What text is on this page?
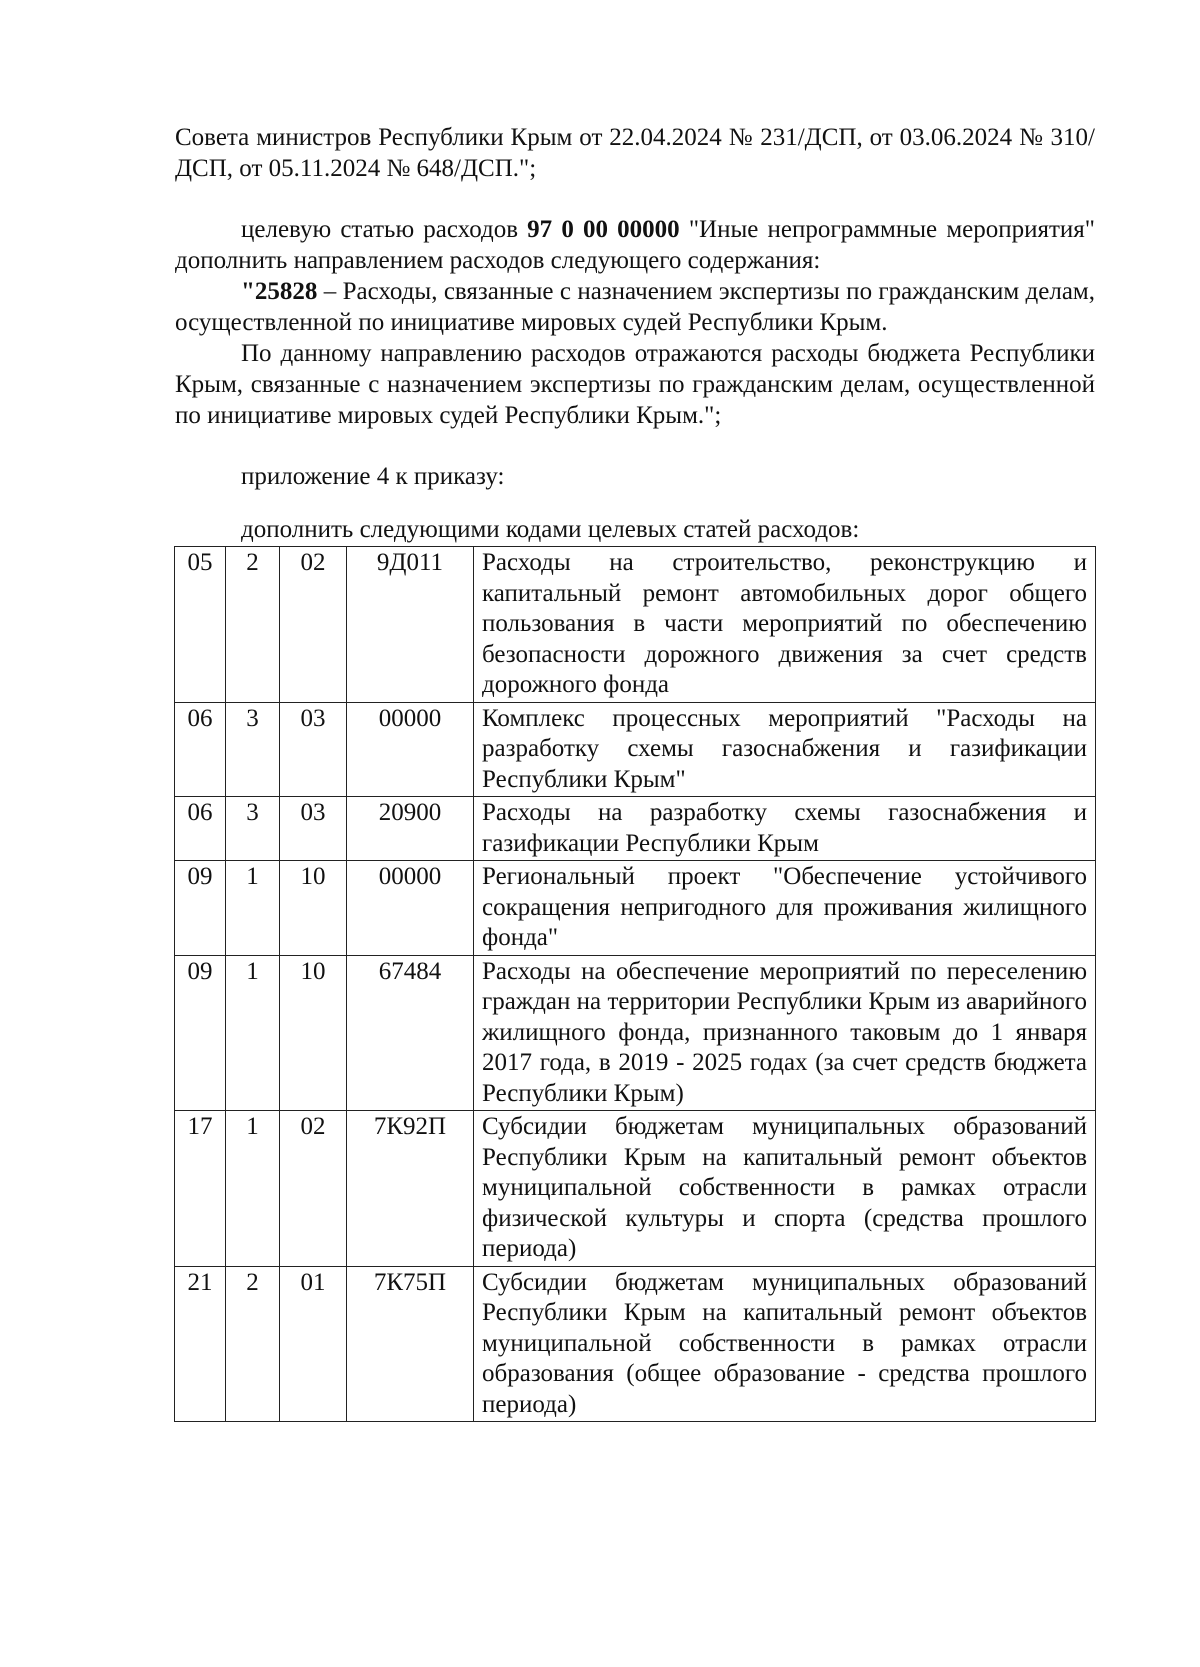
Совета министров Республики Крым от 22.04.2024 № 231/ДСП, от 03.06.2024 № 310/ДСП, от 05.11.2024 № 648/ДСП.";

целевую статью расходов 97 0 00 00000 "Иные непрограммные мероприятия" дополнить направлением расходов следующего содержания:

"25828 – Расходы, связанные с назначением экспертизы по гражданским делам, осуществленной по инициативе мировых судей Республики Крым.

По данному направлению расходов отражаются расходы бюджета Республики Крым, связанные с назначением экспертизы по гражданским делам, осуществленной по инициативе мировых судей Республики Крым.";

приложение 4 к приказу:

дополнить следующими кодами целевых статей расходов:

05	2	02	9Д011	Расходы на строительство, реконструкцию и капитальный ремонт автомобильных дорог общего пользования в части мероприятий по обеспечению безопасности дорожного движения за счет средств дорожного фонда
06	3	03	00000	Комплекс процессных мероприятий "Расходы на разработку схемы газоснабжения и газификации Республики Крым"
06	3	03	20900	Расходы на разработку схемы газоснабжения и газификации Республики Крым
09	1	10	00000	Региональный проект "Обеспечение устойчивого сокращения непригодного для проживания жилищного фонда"
09	1	10	67484	Расходы на обеспечение мероприятий по переселению граждан на территории Республики Крым из аварийного жилищного фонда, признанного таковым до 1 января 2017 года, в 2019 - 2025 годах (за счет средств бюджета Республики Крым)
17	1	02	7К92П	Субсидии бюджетам муниципальных образований Республики Крым на капитальный ремонт объектов муниципальной собственности в рамках отрасли физической культуры и спорта (средства прошлого периода)
21	2	01	7К75П	Субсидии бюджетам муниципальных образований Республики Крым на капитальный ремонт объектов муниципальной собственности в рамках отрасли образования (общее образование - средства прошлого периода)
